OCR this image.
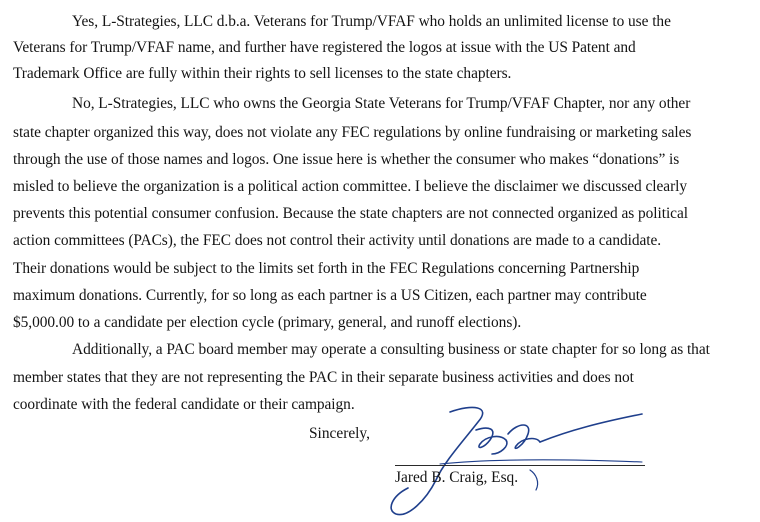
Yes, L-Strategies, LLC d.b.a. Veterans for Trump/VFAF who holds an unlimited license to use the
Veterans for Trump/VFAF name, and further have registered the logos at issue with the US Patent and
Trademark Office are fully within their rights to sell licenses to the state chapters.
No, L-Strategies, LLC who owns the Georgia State Veterans for Trump/VFAF Chapter, nor any other
state chapter organized this way, does not violate any FEC regulations by online fundraising or marketing sales
through the use of those names and logos. One issue here is whether the consumer who makes “donations” is
misled to believe the organization is a political action committee. I believe the disclaimer we discussed clearly
prevents this potential consumer confusion. Because the state chapters are not connected organized as political
action committees (PACs), the FEC does not control their activity until donations are made to a candidate.
Their donations would be subject to the limits set forth in the FEC Regulations concerning Partnership
maximum donations. Currently, for so long as each partner is a US Citizen, each partner may contribute
$5,000.00 to a candidate per election cycle (primary, general, and runoff elections).
Additionally, a PAC board member may operate a consulting business or state chapter for so long as that
member states that they are not representing the PAC in their separate business activities and does not
coordinate with the federal candidate or their campaign.
Sincerely,
Jared B. Craig, Esq.
